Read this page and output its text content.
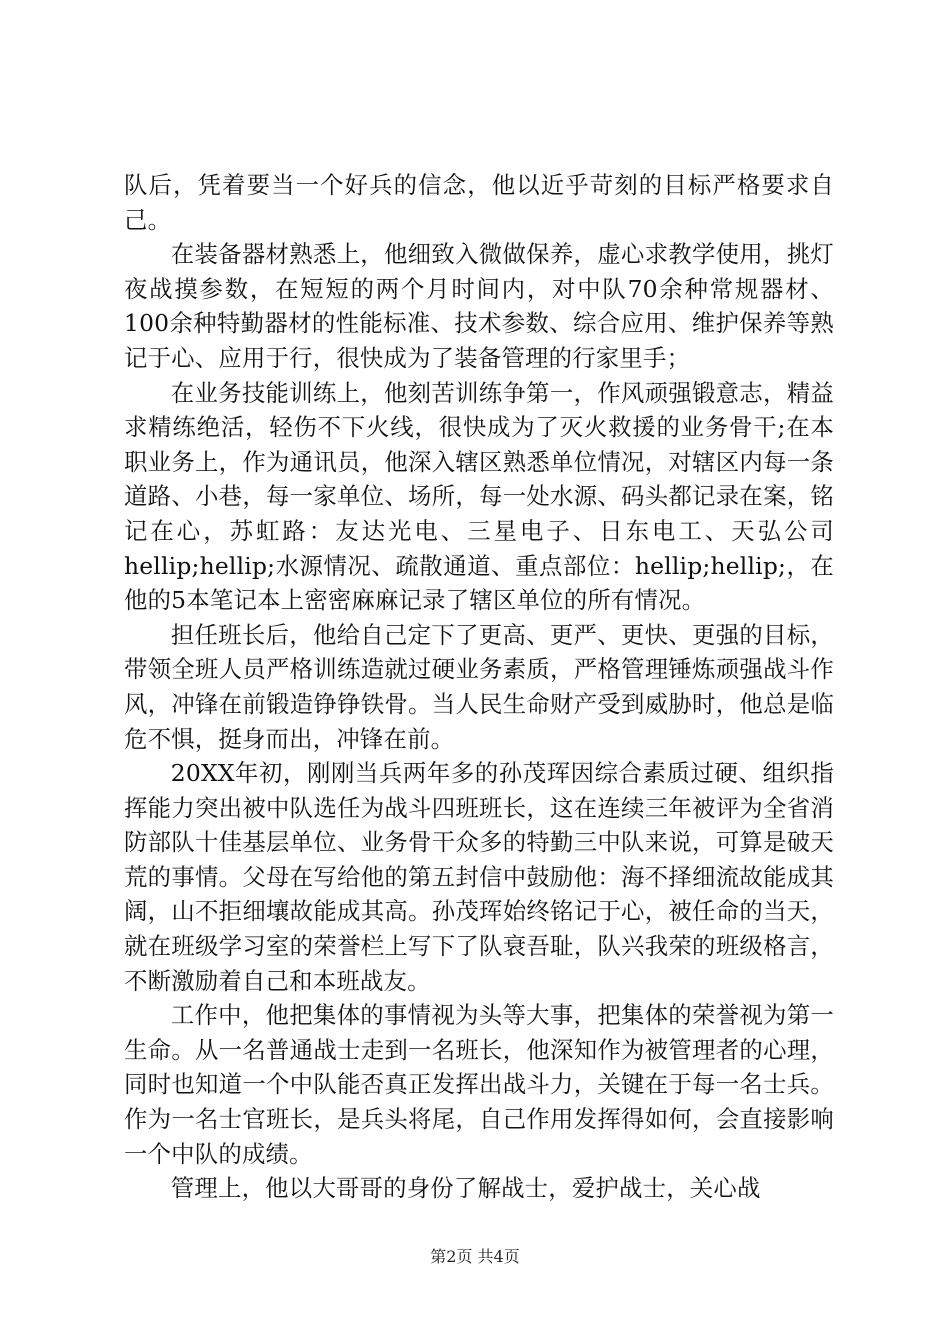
队后，凭着要当一个好兵的信念，他以近乎苛刻的目标严格要求自己。

在装备器材熟悉上，他细致入微做保养，虚心求教学使用，挑灯夜战摸参数，在短短的两个月时间内，对中队70余种常规器材、100余种特勤器材的性能标准、技术参数、综合应用、维护保养等熟记于心、应用于行，很快成为了装备管理的行家里手；

在业务技能训练上，他刻苦训练争第一，作风顽强锻意志，精益求精练绝活，轻伤不下火线，很快成为了灭火救援的业务骨干;在本职业务上，作为通讯员，他深入辖区熟悉单位情况，对辖区内每一条道路、小巷，每一家单位、场所，每一处水源、码头都记录在案，铭记在心，苏虹路：友达光电、三星电子、日东电工、天弘公司hellip;hellip;水源情况、疏散通道、重点部位：hellip;hellip;，在他的5本笔记本上密密麻麻记录了辖区单位的所有情况。

担任班长后，他给自己定下了更高、更严、更快、更强的目标，带领全班人员严格训练造就过硬业务素质，严格管理锤炼顽强战斗作风，冲锋在前锻造铮铮铁骨。当人民生命财产受到威胁时，他总是临危不惧，挺身而出，冲锋在前。

20XX年初，刚刚当兵两年多的孙茂珲因综合素质过硬、组织指挥能力突出被中队选任为战斗四班班长，这在连续三年被评为全省消防部队十佳基层单位、业务骨干众多的特勤三中队来说，可算是破天荒的事情。父母在写给他的第五封信中鼓励他：海不择细流故能成其阔，山不拒细壤故能成其高。孙茂珲始终铭记于心，被任命的当天，就在班级学习室的荣誉栏上写下了队衰吾耻，队兴我荣的班级格言，不断激励着自己和本班战友。

工作中，他把集体的事情视为头等大事，把集体的荣誉视为第一生命。从一名普通战士走到一名班长，他深知作为被管理者的心理，同时也知道一个中队能否真正发挥出战斗力，关键在于每一名士兵。作为一名士官班长，是兵头将尾，自己作用发挥得如何，会直接影响一个中队的成绩。

管理上，他以大哥哥的身份了解战士，爱护战士，关心战

第2页 共4页
